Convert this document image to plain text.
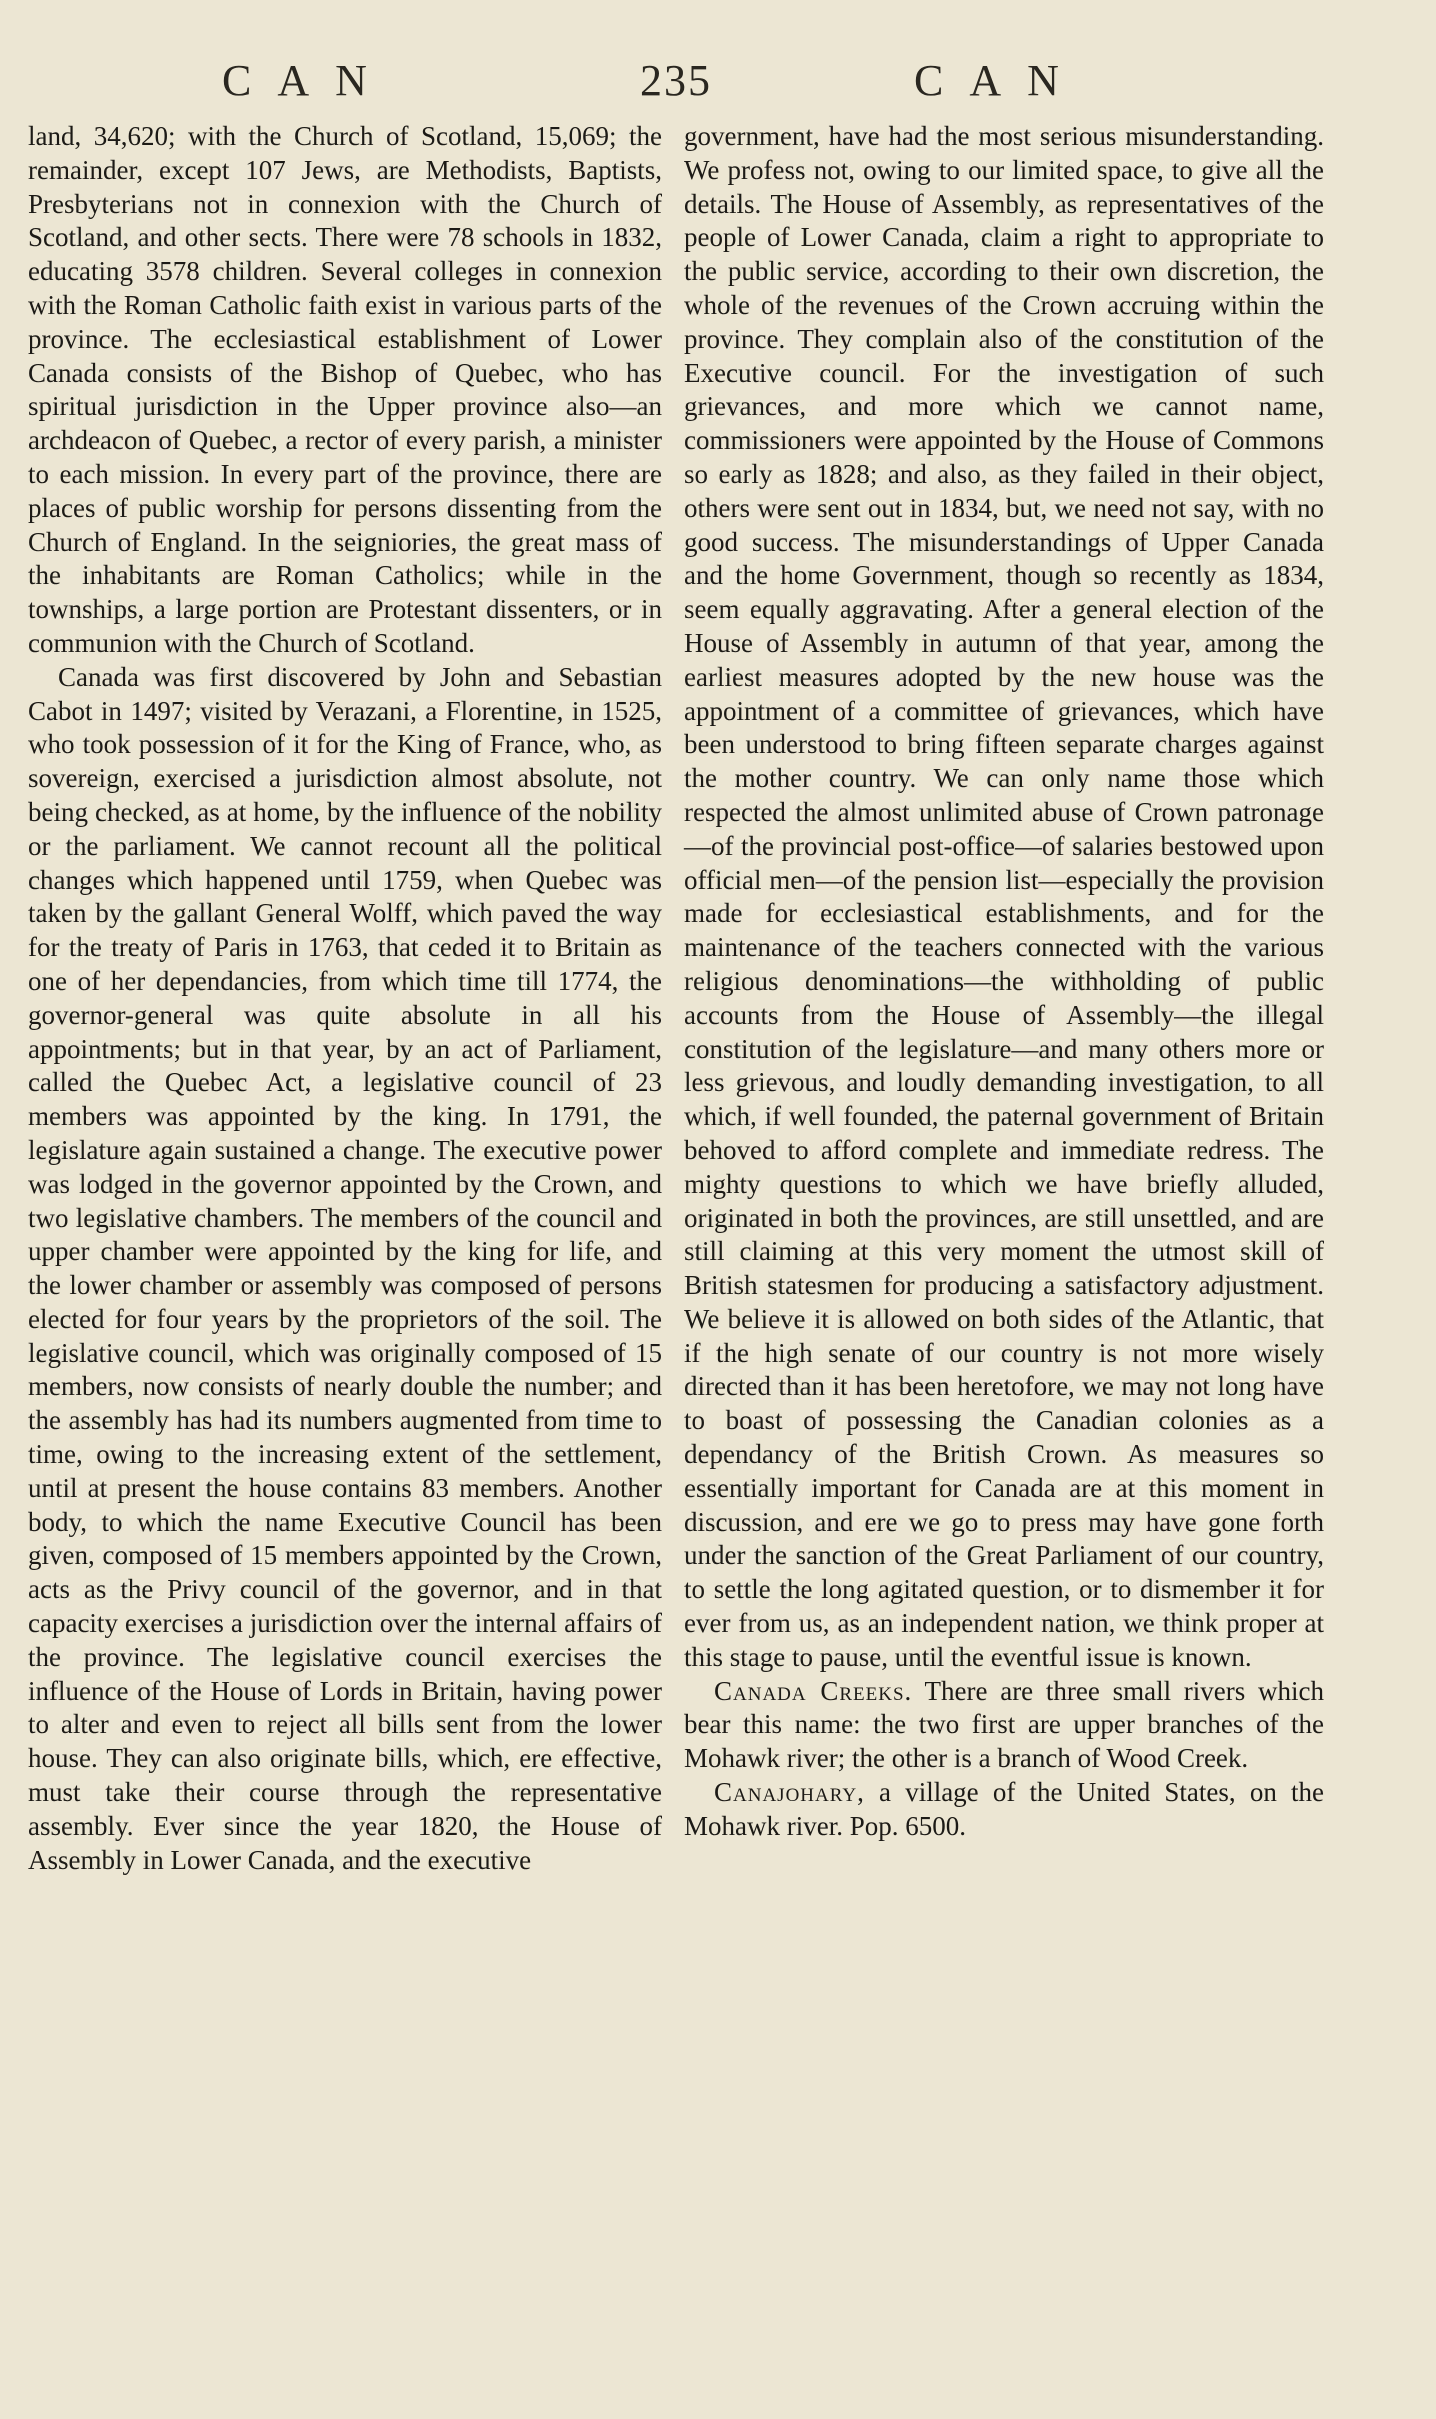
CAN	235	CAN

land, 34,620; with the Church of Scotland, 15,069; the remainder, except 107 Jews, are Methodists, Baptists, Presbyterians not in connexion with the Church of Scotland, and other sects. There were 78 schools in 1832, educating 3578 children. Several colleges in connexion with the Roman Catholic faith exist in various parts of the province. The ecclesiastical establishment of Lower Canada consists of the Bishop of Quebec, who has spiritual jurisdiction in the Upper province also—an archdeacon of Quebec, a rector of every parish, a minister to each mission. In every part of the province, there are places of public worship for persons dissenting from the Church of England. In the seigniories, the great mass of the inhabitants are Roman Catholics; while in the townships, a large portion are Protestant dissenters, or in communion with the Church of Scotland.

Canada was first discovered by John and Sebastian Cabot in 1497; visited by Verazani, a Florentine, in 1525, who took possession of it for the King of France, who, as sovereign, exercised a jurisdiction almost absolute, not being checked, as at home, by the influence of the nobility or the parliament. We cannot recount all the political changes which happened until 1759, when Quebec was taken by the gallant General Wolff, which paved the way for the treaty of Paris in 1763, that ceded it to Britain as one of her dependancies, from which time till 1774, the governor-general was quite absolute in all his appointments; but in that year, by an act of Parliament, called the Quebec Act, a legislative council of 23 members was appointed by the king. In 1791, the legislature again sustained a change. The executive power was lodged in the governor appointed by the Crown, and two legislative chambers. The members of the council and upper chamber were appointed by the king for life, and the lower chamber or assembly was composed of persons elected for four years by the proprietors of the soil. The legislative council, which was originally composed of 15 members, now consists of nearly double the number; and the assembly has had its numbers augmented from time to time, owing to the increasing extent of the settlement, until at present the house contains 83 members. Another body, to which the name Executive Council has been given, composed of 15 members appointed by the Crown, acts as the Privy council of the governor, and in that capacity exercises a jurisdiction over the internal affairs of the province. The legislative council exercises the influence of the House of Lords in Britain, having power to alter and even to reject all bills sent from the lower house. They can also originate bills, which, ere effective, must take their course through the representative assembly. Ever since the year 1820, the House of Assembly in Lower Canada, and the executive

government, have had the most serious misunderstanding. We profess not, owing to our limited space, to give all the details. The House of Assembly, as representatives of the people of Lower Canada, claim a right to appropriate to the public service, according to their own discretion, the whole of the revenues of the Crown accruing within the province. They complain also of the constitution of the Executive council. For the investigation of such grievances, and more which we cannot name, commissioners were appointed by the House of Commons so early as 1828; and also, as they failed in their object, others were sent out in 1834, but, we need not say, with no good success. The misunderstandings of Upper Canada and the home Government, though so recently as 1834, seem equally aggravating. After a general election of the House of Assembly in autumn of that year, among the earliest measures adopted by the new house was the appointment of a committee of grievances, which have been understood to bring fifteen separate charges against the mother country. We can only name those which respected the almost unlimited abuse of Crown patronage—of the provincial post-office—of salaries bestowed upon official men—of the pension list—especially the provision made for ecclesiastical establishments, and for the maintenance of the teachers connected with the various religious denominations—the withholding of public accounts from the House of Assembly—the illegal constitution of the legislature—and many others more or less grievous, and loudly demanding investigation, to all which, if well founded, the paternal government of Britain behoved to afford complete and immediate redress. The mighty questions to which we have briefly alluded, originated in both the provinces, are still unsettled, and are still claiming at this very moment the utmost skill of British statesmen for producing a satisfactory adjustment. We believe it is allowed on both sides of the Atlantic, that if the high senate of our country is not more wisely directed than it has been heretofore, we may not long have to boast of possessing the Canadian colonies as a dependancy of the British Crown. As measures so essentially important for Canada are at this moment in discussion, and ere we go to press may have gone forth under the sanction of the Great Parliament of our country, to settle the long agitated question, or to dismember it for ever from us, as an independent nation, we think proper at this stage to pause, until the eventful issue is known.

Canada Creeks. There are three small rivers which bear this name: the two first are upper branches of the Mohawk river; the other is a branch of Wood Creek.

Canajohary, a village of the United States, on the Mohawk river. Pop. 6500.
